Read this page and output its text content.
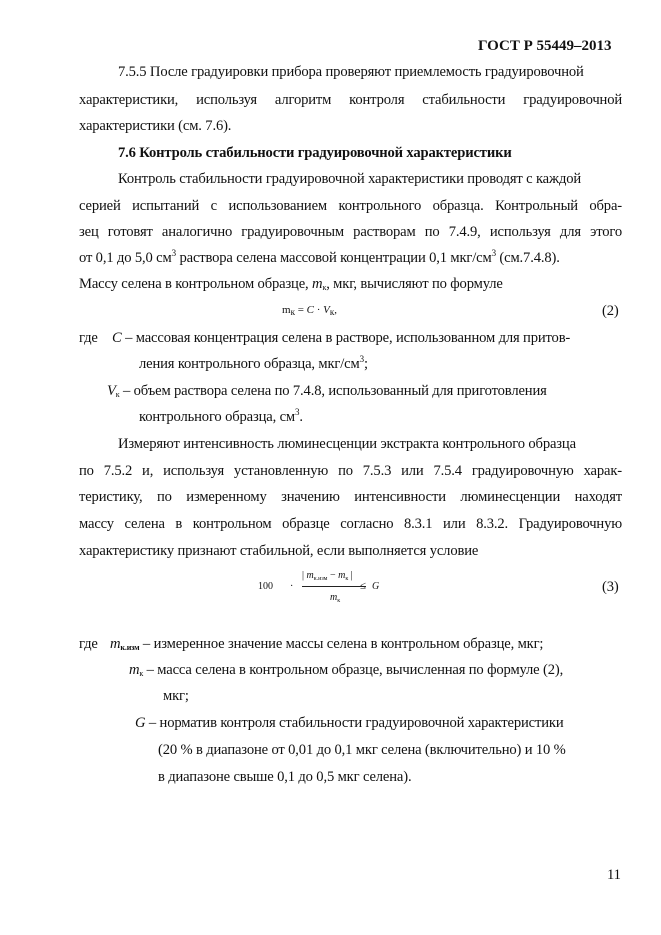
ГОСТ Р 55449–2013
7.5.5 После градуировки прибора проверяют приемлемость градуировочной
характеристики, используя алгоритм контроля стабильности градуировочной
характеристики (см. 7.6).
7.6 Контроль стабильности градуировочной характеристики
Контроль стабильности градуировочной характеристики проводят с каждой
серией испытаний с использованием контрольного образца. Контрольный обра-
зец готовят аналогично градуировочным растворам по 7.4.9, используя для этого
от 0,1 до 5,0 $см^3$ раствора селена массовой концентрации 0,1 мкг/$см^3$ (см.7.4.8).
Массу селена в контрольном образце, $m_к$, мкг, вычисляют по формуле
$m_к = C \cdot V_к$,	(2)
где C – массовая концентрация селена в растворе, использованном для притов-
ления контрольного образца, мкг/$см^3$;
$V_к$ – объем раствора селена по 7.4.8, использованный для приготовления
контрольного образца, $см^3$.
Измеряют интенсивность люминесценции экстракта контрольного образца
по 7.5.2 и, используя установленную по 7.5.3 или 7.5.4 градуировочную харак-
теристику, по измеренному значению интенсивности люминесценции находят
массу селена в контрольном образце согласно 8.3.1 или 8.3.2. Градуировочную
характеристику признают стабильной, если выполняется условие
100 ·
| $m_{к.изм} - m_к$ |
$m_к$
≤ G	(3)
где $m_{к.изм}$ – измеренное значение массы селена в контрольном образце, мкг;
$m_к$ – масса селена в контрольном образце, вычисленная по формуле (2),
мкг;
G – норматив контроля стабильности градуировочной характеристики
(20 % в диапазоне от 0,01 до 0,1 мкг селена (включительно) и 10 %
в диапазоне свыше 0,1 до 0,5 мкг селена).
11
